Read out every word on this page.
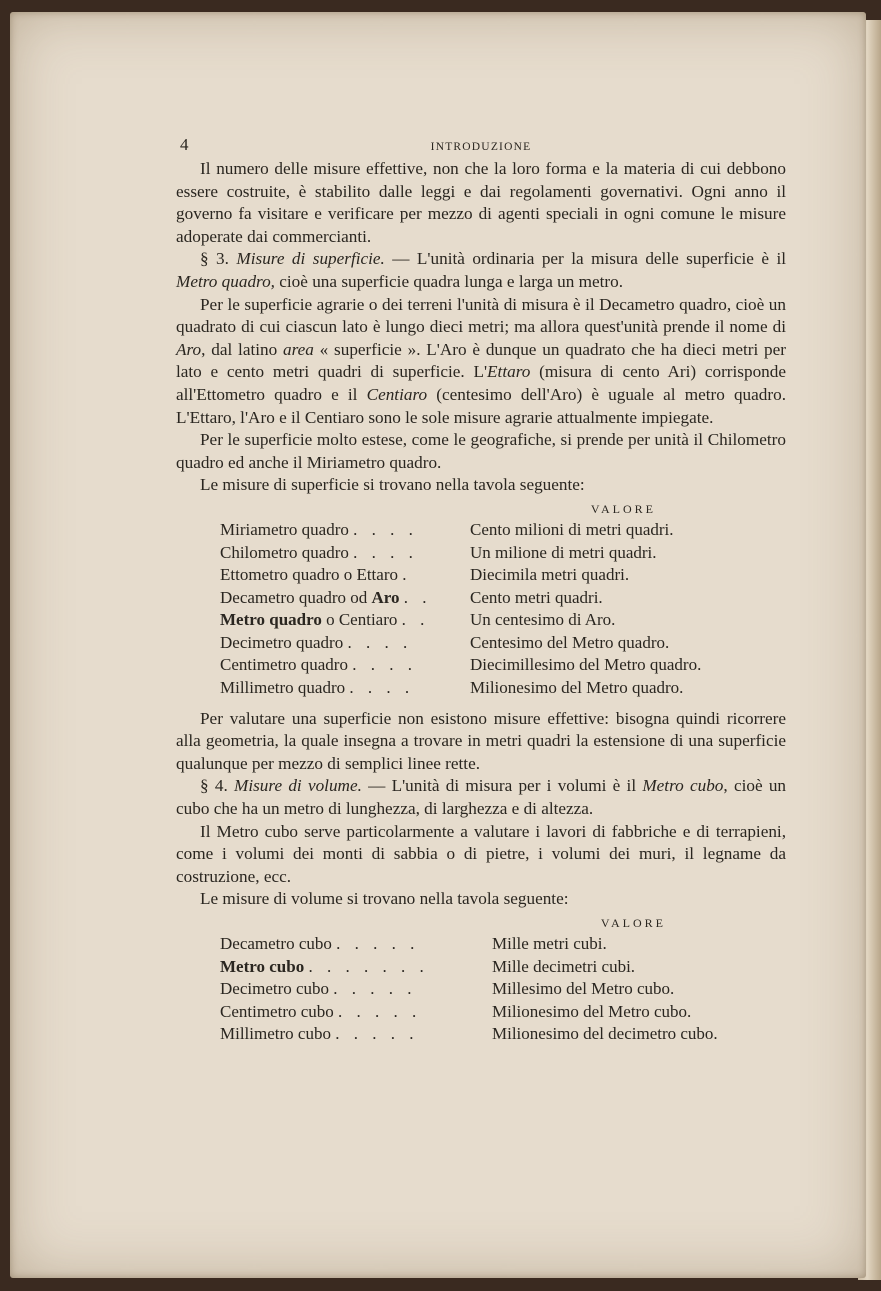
4	INTRODUZIONE

Il numero delle misure effettive, non che la loro forma e la materia di cui debbono essere costruite, è stabilito dalle leggi e dai regolamenti governativi. Ogni anno il governo fa visitare e verificare per mezzo di agenti speciali in ogni comune le misure adoperate dai commercianti.

§ 3. Misure di superficie. — L'unità ordinaria per la misura delle superficie è il Metro quadro, cioè una superficie quadra lunga e larga un metro.

Per le superficie agrarie o dei terreni l'unità di misura è il Decametro quadro, cioè un quadrato di cui ciascun lato è lungo dieci metri; ma allora quest'unità prende il nome di Aro, dal latino area « superficie ». L'Aro è dunque un quadrato che ha dieci metri per lato e cento metri quadri di superficie. L'Ettaro (misura di cento Ari) corrisponde all'Ettometro quadro e il Centiaro (centesimo dell'Aro) è uguale al metro quadro. L'Ettaro, l'Aro e il Centiaro sono le sole misure agrarie attualmente impiegate.

Per le superficie molto estese, come le geografiche, si prende per unità il Chilometro quadro ed anche il Miriametro quadro.

Le misure di superficie si trovano nella tavola seguente:

VALORE
Miriametro quadro . . . .	Cento milioni di metri quadri.
Chilometro quadro . . . .	Un milione di metri quadri.
Ettometro quadro o Ettaro .	Diecimila metri quadri.
Decametro quadro od Aro . .	Cento metri quadri.
Metro quadro o Centiaro . .	Un centesimo di Aro.
Decimetro quadro . . . .	Centesimo del Metro quadro.
Centimetro quadro . . . .	Diecimillesimo del Metro quadro.
Millimetro quadro . . . .	Milionesimo del Metro quadro.

Per valutare una superficie non esistono misure effettive: bisogna quindi ricorrere alla geometria, la quale insegna a trovare in metri quadri la estensione di una superficie qualunque per mezzo di semplici linee rette.

§ 4. Misure di volume. — L'unità di misura per i volumi è il Metro cubo, cioè un cubo che ha un metro di lunghezza, di larghezza e di altezza.

Il Metro cubo serve particolarmente a valutare i lavori di fabbriche e di terrapieni, come i volumi dei monti di sabbia o di pietre, i volumi dei muri, il legname da costruzione, ecc.

Le misure di volume si trovano nella tavola seguente:

VALORE
Decametro cubo . . . . .	Mille metri cubi.
Metro cubo . . . . . . .	Mille decimetri cubi.
Decimetro cubo . . . . .	Millesimo del Metro cubo.
Centimetro cubo . . . . .	Milionesimo del Metro cubo.
Millimetro cubo . . . . .	Milionesimo del decimetro cubo.
